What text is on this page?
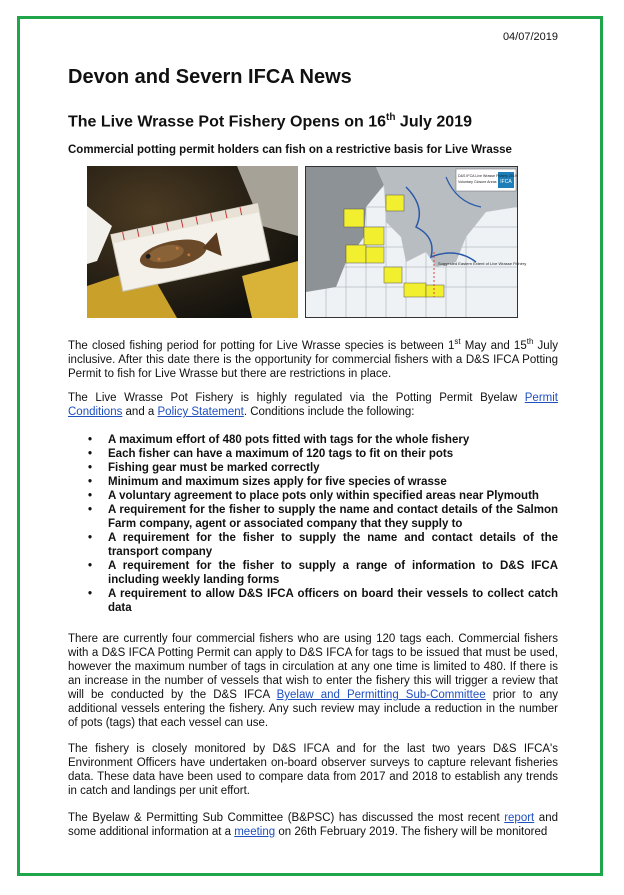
04/07/2019
Devon and Severn IFCA News
The Live Wrasse Pot Fishery Opens on 16th July 2019
Commercial potting permit holders can fish on a restrictive basis for Live Wrasse
IFCA
D&S IFCA Live Wrasse Fishery 2019
Voluntary Closure Areas
Suggested Eastern Extent of Live Wrasse Fishery

The closed fishing period for potting for Live Wrasse species is between 1st May and 15th July inclusive. After this date there is the opportunity for commercial fishers with a D&S IFCA Potting Permit to fish for Live Wrasse but there are restrictions in place.

The Live Wrasse Pot Fishery is highly regulated via the Potting Permit Byelaw Permit Conditions and a Policy Statement. Conditions include the following:

• A maximum effort of 480 pots fitted with tags for the whole fishery
• Each fisher can have a maximum of 120 tags to fit on their pots
• Fishing gear must be marked correctly
• Minimum and maximum sizes apply for five species of wrasse
• A voluntary agreement to place pots only within specified areas near Plymouth
• A requirement for the fisher to supply the name and contact details of the Salmon Farm company, agent or associated company that they supply to
• A requirement for the fisher to supply the name and contact details of the transport company
• A requirement for the fisher to supply a range of information to D&S IFCA including weekly landing forms
• A requirement to allow D&S IFCA officers on board their vessels to collect catch data

There are currently four commercial fishers who are using 120 tags each. Commercial fishers with a D&S IFCA Potting Permit can apply to D&S IFCA for tags to be issued that must be used, however the maximum number of tags in circulation at any one time is limited to 480. If there is an increase in the number of vessels that wish to enter the fishery this will trigger a review that will be conducted by the D&S IFCA Byelaw and Permitting Sub-Committee prior to any additional vessels entering the fishery. Any such review may include a reduction in the number of pots (tags) that each vessel can use.

The fishery is closely monitored by D&S IFCA and for the last two years D&S IFCA's Environment Officers have undertaken on-board observer surveys to capture relevant fisheries data. These data have been used to compare data from 2017 and 2018 to establish any trends in catch and landings per unit effort.

The Byelaw & Permitting Sub Committee (B&PSC) has discussed the most recent report and some additional information at a meeting on 26th February 2019. The fishery will be monitored
